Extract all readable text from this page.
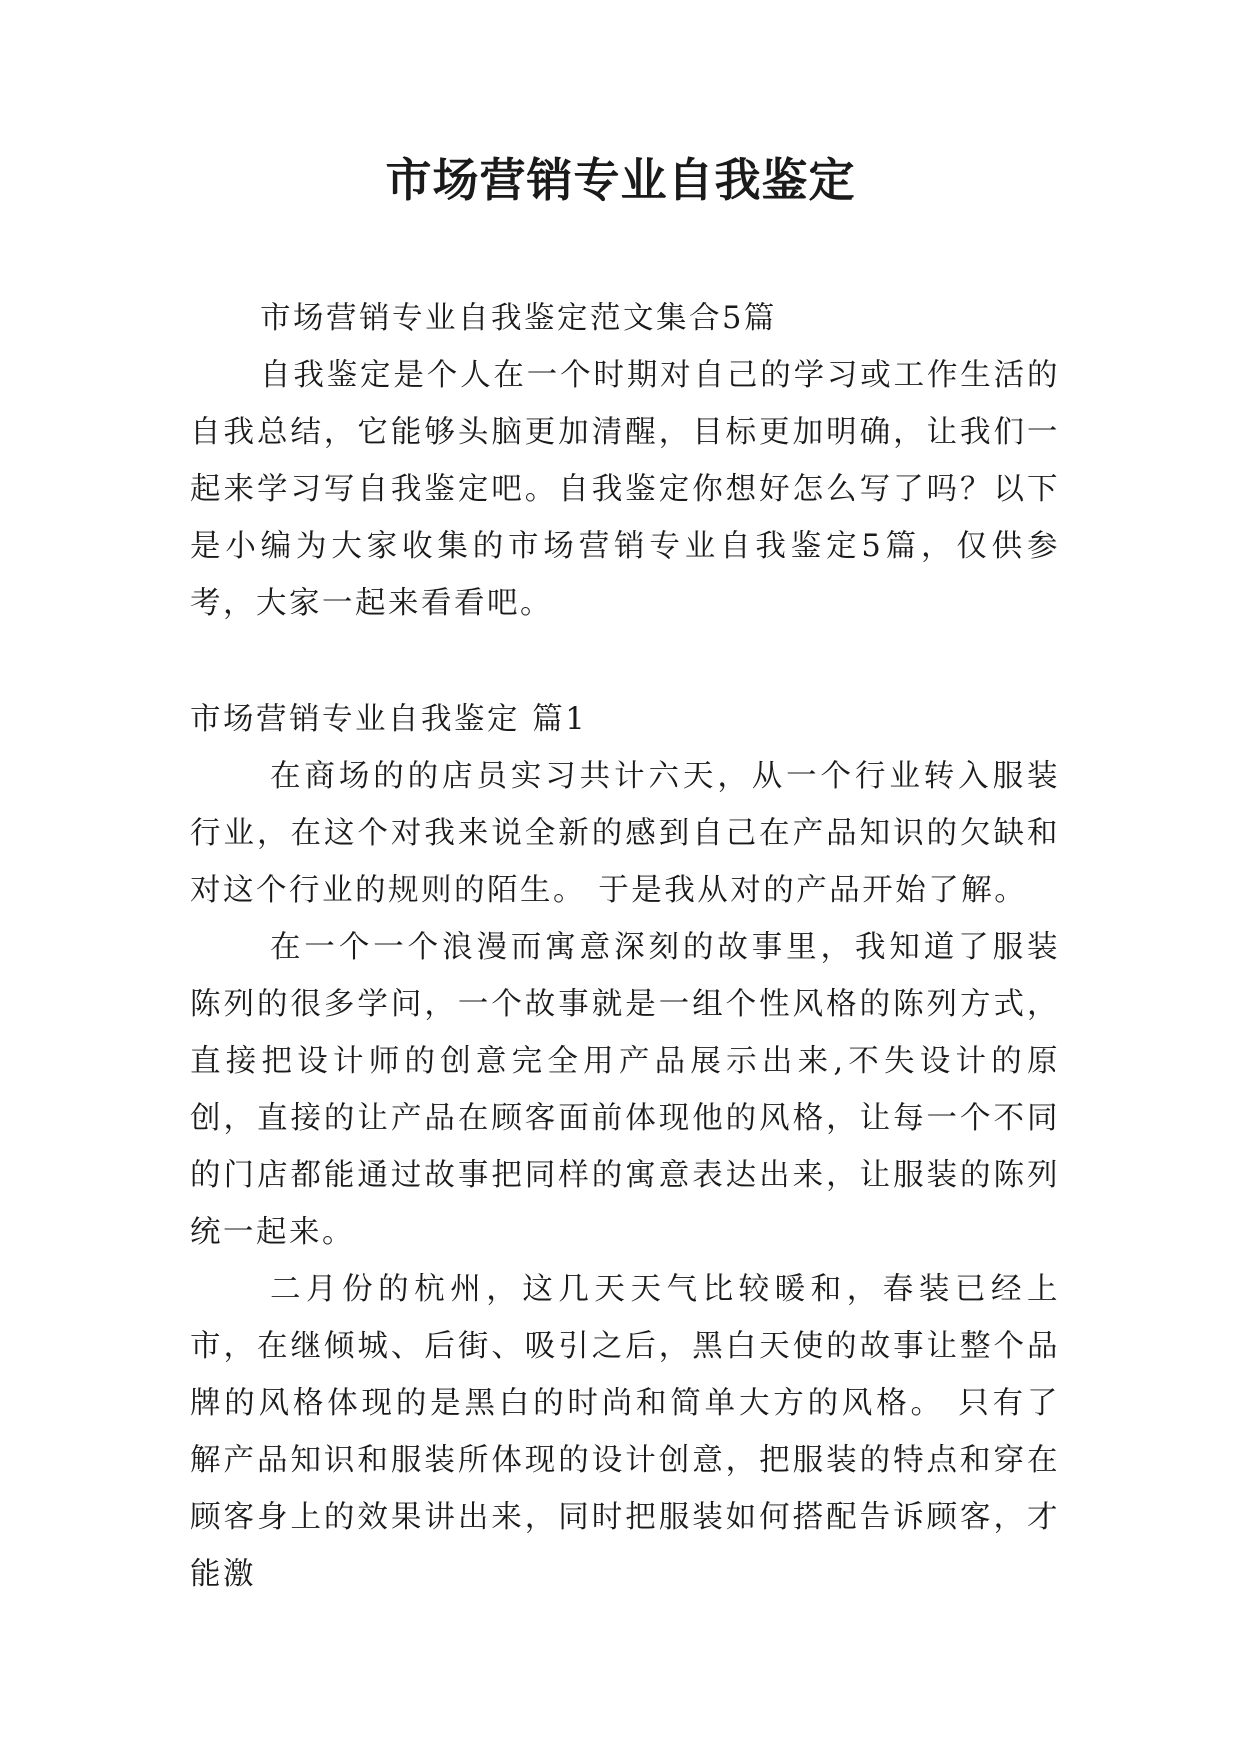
市场营销专业自我鉴定

市场营销专业自我鉴定范文集合5篇

自我鉴定是个人在一个时期对自己的学习或工作生活的自我总结，它能够头脑更加清醒，目标更加明确，让我们一起来学习写自我鉴定吧。自我鉴定你想好怎么写了吗？以下是小编为大家收集的市场营销专业自我鉴定5篇，仅供参考，大家一起来看看吧。

市场营销专业自我鉴定 篇1

在商场的的店员实习共计六天，从一个行业转入服装行业，在这个对我来说全新的感到自己在产品知识的欠缺和对这个行业的规则的陌生。 于是我从对的产品开始了解。

在一个一个浪漫而寓意深刻的故事里，我知道了服装陈列的很多学问，一个故事就是一组个性风格的陈列方式，直接把设计师的创意完全用产品展示出来,不失设计的原创，直接的让产品在顾客面前体现他的风格，让每一个不同的门店都能通过故事把同样的寓意表达出来，让服装的陈列统一起来。

二月份的杭州，这几天天气比较暖和，春装已经上市，在继倾城、后街、吸引之后，黑白天使的故事让整个品牌的风格体现的是黑白的时尚和简单大方的风格。 只有了解产品知识和服装所体现的设计创意，把服装的特点和穿在顾客身上的效果讲出来，同时把服装如何搭配告诉顾客，才能激
